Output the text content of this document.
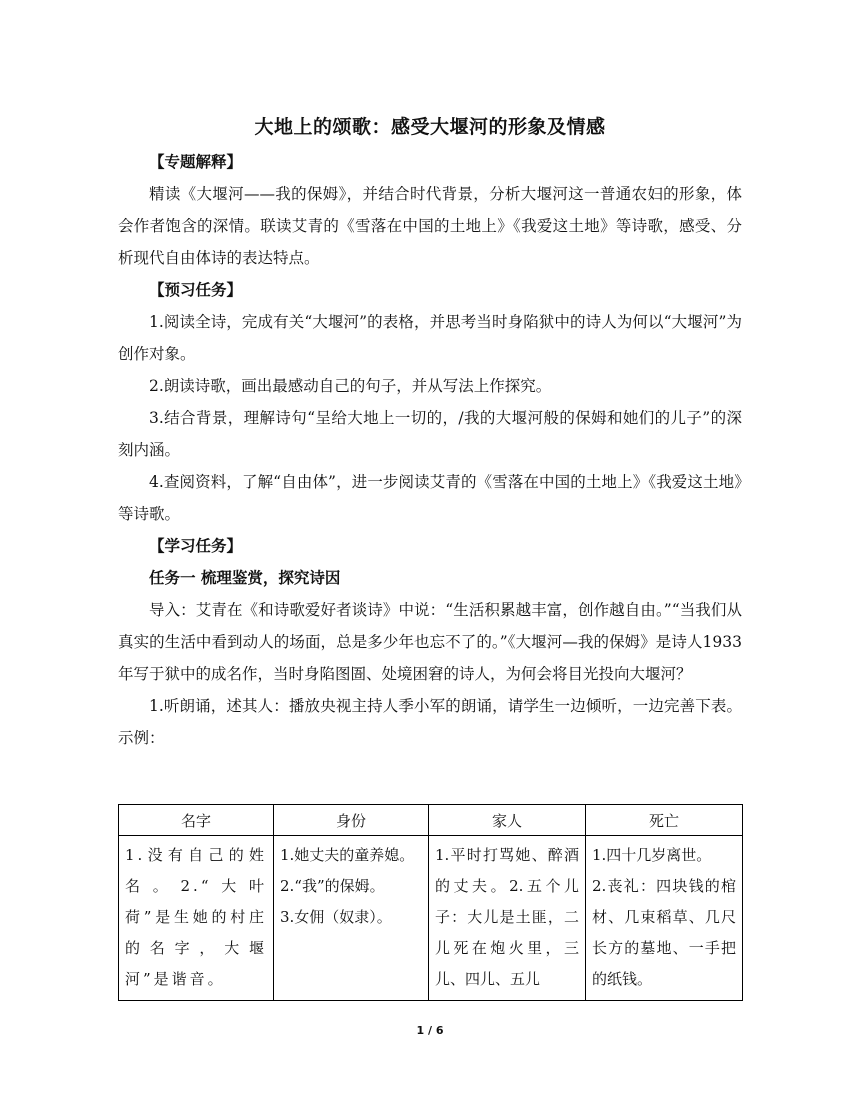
大地上的颂歌：感受大堰河的形象及情感

【专题解释】

精读《大堰河——我的保姆》，并结合时代背景，分析大堰河这一普通农妇的形象，体会作者饱含的深情。联读艾青的《雪落在中国的土地上》《我爱这土地》等诗歌，感受、分析现代自由体诗的表达特点。

【预习任务】

1.阅读全诗，完成有关“大堰河”的表格，并思考当时身陷狱中的诗人为何以“大堰河”为创作对象。

2.朗读诗歌，画出最感动自己的句子，并从写法上作探究。

3.结合背景，理解诗句“呈给大地上一切的，/我的大堰河般的保姆和她们的儿子”的深刻内涵。

4.查阅资料，了解“自由体”，进一步阅读艾青的《雪落在中国的土地上》《我爱这土地》等诗歌。

【学习任务】

任务一 梳理鉴赏，探究诗因

导入：艾青在《和诗歌爱好者谈诗》中说：“生活积累越丰富，创作越自由。”“当我们从真实的生活中看到动人的场面，总是多少年也忘不了的。”《大堰河—我的保姆》是诗人1933年写于狱中的成名作，当时身陷图圄、处境困窘的诗人，为何会将目光投向大堰河？

1.听朗诵，述其人：播放央视主持人季小军的朗诵，请学生一边倾听，一边完善下表。示例：

名字	身份	家人	死亡
1.没有自己的姓名。2.“大叶荷”是生她的村庄的名字，大堰河”是谐音。	1.她丈夫的童养媳。
2.“我”的保姆。
3.女佣（奴隶）。	1.平时打骂她、醉酒的丈夫。2.五个儿子：大儿是土匪，二儿死在炮火里，三儿、四儿、五儿	1.四十几岁离世。
2.丧礼：四块钱的棺材、几束稻草、几尺长方的墓地、一手把的纸钱。
1 / 6
